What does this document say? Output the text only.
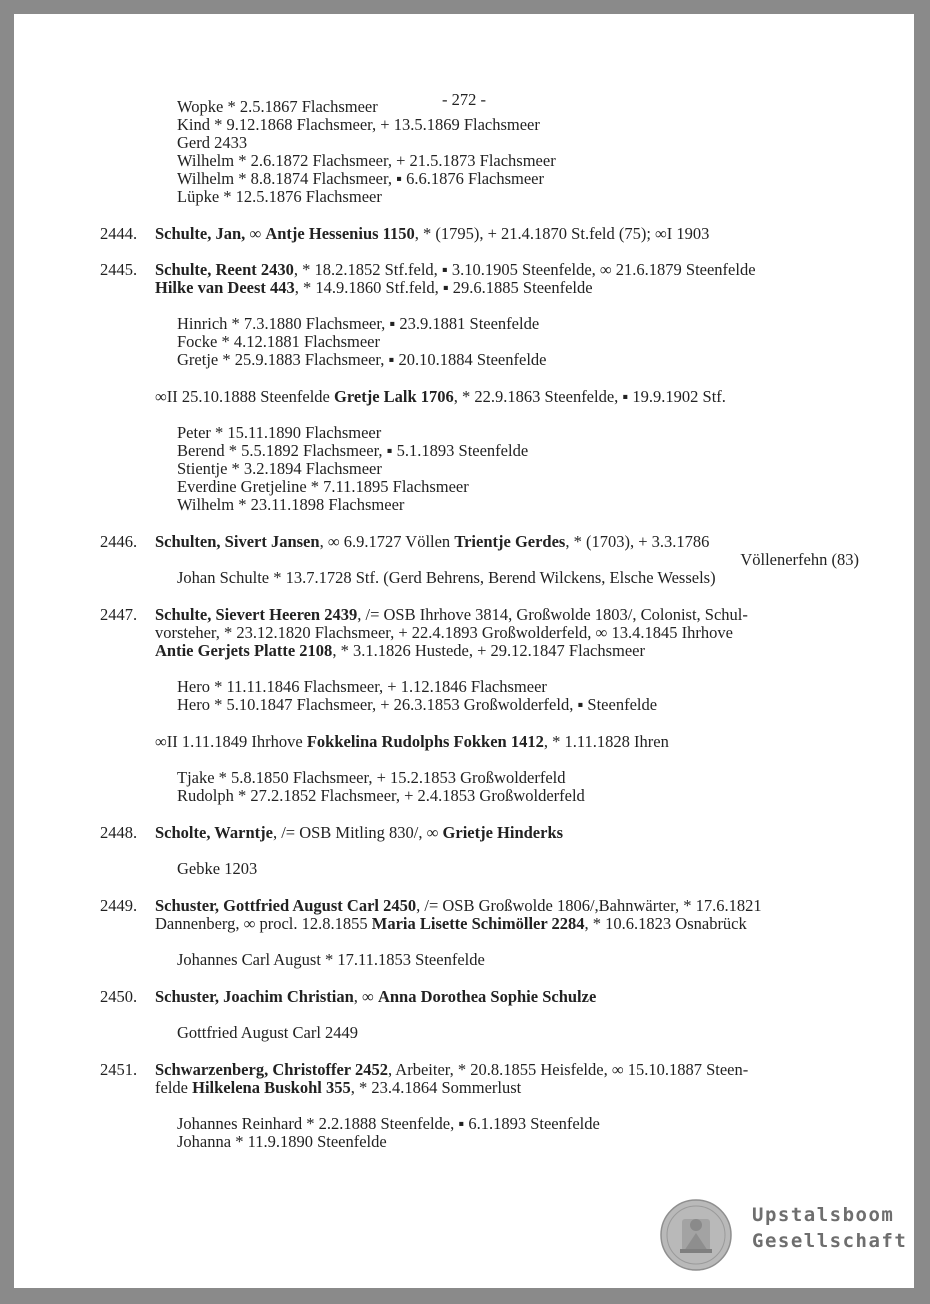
- 272 -
Wopke * 2.5.1867 Flachsmeer
Kind * 9.12.1868 Flachsmeer, + 13.5.1869 Flachsmeer
Gerd 2433
Wilhelm * 2.6.1872 Flachsmeer, + 21.5.1873 Flachsmeer
Wilhelm * 8.8.1874 Flachsmeer, ▪ 6.6.1876 Flachsmeer
Lüpke * 12.5.1876 Flachsmeer
2444. Schulte, Jan, ∞ Antje Hessenius 1150, * (1795), + 21.4.1870 St.feld (75); ∞I 1903
2445. Schulte, Reent 2430, * 18.2.1852 Stf.feld, ▪ 3.10.1905 Steenfelde, ∞ 21.6.1879 Steenfelde
Hilke van Deest 443, * 14.9.1860 Stf.feld, ▪ 29.6.1885 Steenfelde
Hinrich * 7.3.1880 Flachsmeer, ▪ 23.9.1881 Steenfelde
Focke * 4.12.1881 Flachsmeer
Gretje * 25.9.1883 Flachsmeer, ▪ 20.10.1884 Steenfelde
∞II 25.10.1888 Steenfelde Gretje Lalk 1706, * 22.9.1863 Steenfelde, ▪ 19.9.1902 Stf.
Peter * 15.11.1890 Flachsmeer
Berend * 5.5.1892 Flachsmeer, ▪ 5.1.1893 Steenfelde
Stientje * 3.2.1894 Flachsmeer
Everdine Gretjeline * 7.11.1895 Flachsmeer
Wilhelm * 23.11.1898 Flachsmeer
2446. Schulten, Sivert Jansen, ∞ 6.9.1727 Völlen Trientje Gerdes, * (1703), + 3.3.1786
Völlenerfehn (83)
Johan Schulte * 13.7.1728 Stf. (Gerd Behrens, Berend Wilckens, Elsche Wessels)
2447. Schulte, Sievert Heeren 2439, /= OSB Ihrhove 3814, Großwolde 1803/, Colonist, Schul-
vorsteher, * 23.12.1820 Flachsmeer, + 22.4.1893 Großwolderfeld, ∞ 13.4.1845 Ihrhove
Antie Gerjets Platte 2108, * 3.1.1826 Hustede, + 29.12.1847 Flachsmeer
Hero * 11.11.1846 Flachsmeer, + 1.12.1846 Flachsmeer
Hero * 5.10.1847 Flachsmeer, + 26.3.1853 Großwolderfeld, ▪ Steenfelde
∞II 1.11.1849 Ihrhove Fokkelina Rudolphs Fokken 1412, * 1.11.1828 Ihren
Tjake * 5.8.1850 Flachsmeer, + 15.2.1853 Großwolderfeld
Rudolph * 27.2.1852 Flachsmeer, + 2.4.1853 Großwolderfeld
2448. Scholte, Warntje, /= OSB Mitling 830/, ∞ Grietje Hinderks
Gebke 1203
2449. Schuster, Gottfried August Carl 2450, /= OSB Großwolde 1806/,Bahnwärter, * 17.6.1821
Dannenberg, ∞ procl. 12.8.1855 Maria Lisette Schimöller 2284, * 10.6.1823 Osnabrück
Johannes Carl August * 17.11.1853 Steenfelde
2450. Schuster, Joachim Christian, ∞ Anna Dorothea Sophie Schulze
Gottfried August Carl 2449
2451. Schwarzenberg, Christoffer 2452, Arbeiter, * 20.8.1855 Heisfelde, ∞ 15.10.1887 Steen-
felde Hilkelena Buskohl 355, * 23.4.1864 Sommerlust
Johannes Reinhard * 2.2.1888 Steenfelde, ▪ 6.1.1893 Steenfelde
Johanna * 11.9.1890 Steenfelde
Upstalsboom
Gesellschaft
